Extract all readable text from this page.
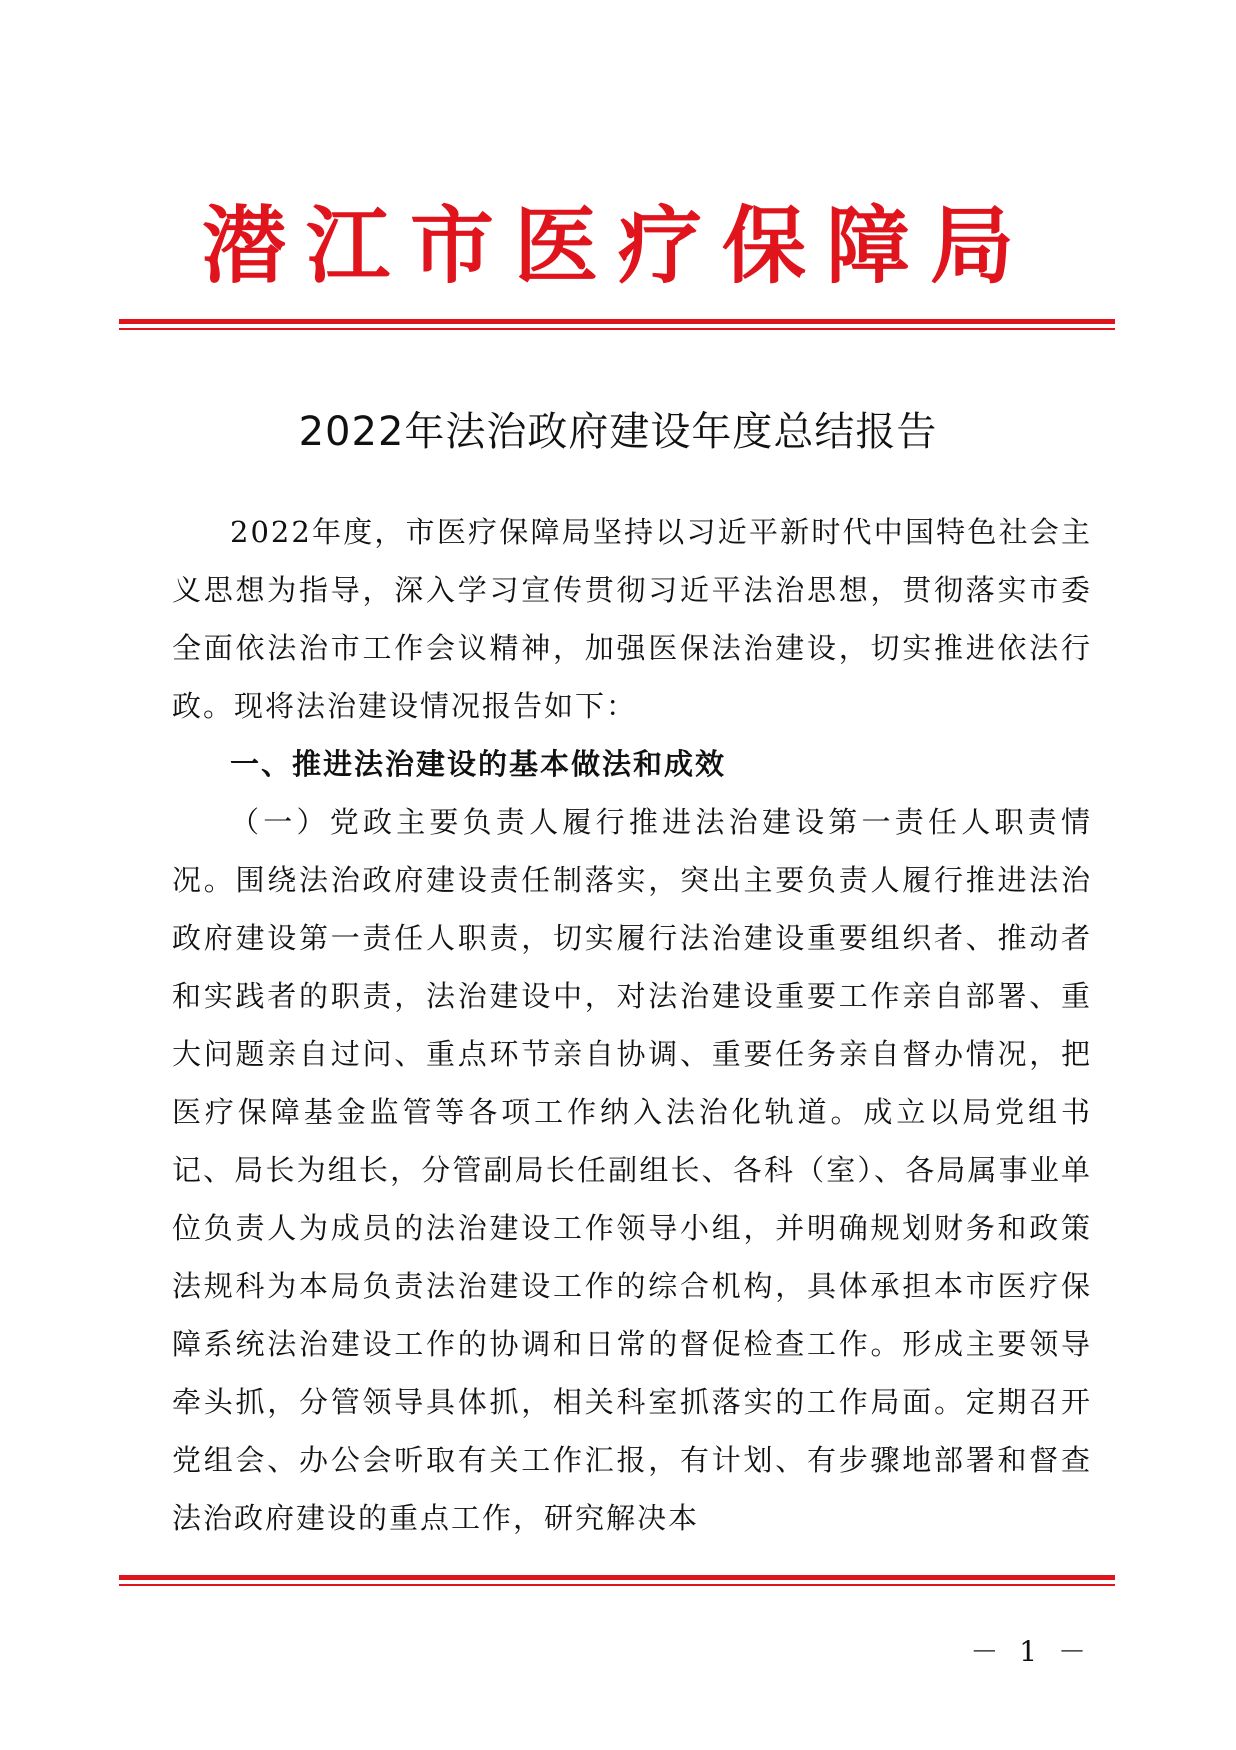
潜江市医疗保障局
2022年法治政府建设年度总结报告

2022年度，市医疗保障局坚持以习近平新时代中国特色社会主义思想为指导，深入学习宣传贯彻习近平法治思想，贯彻落实市委全面依法治市工作会议精神，加强医保法治建设，切实推进依法行政。现将法治建设情况报告如下：

一、推进法治建设的基本做法和成效

（一）党政主要负责人履行推进法治建设第一责任人职责情况。围绕法治政府建设责任制落实，突出主要负责人履行推进法治政府建设第一责任人职责，切实履行法治建设重要组织者、推动者和实践者的职责，法治建设中，对法治建设重要工作亲自部署、重大问题亲自过问、重点环节亲自协调、重要任务亲自督办情况，把医疗保障基金监管等各项工作纳入法治化轨道。成立以局党组书记、局长为组长，分管副局长任副组长、各科（室）、各局属事业单位负责人为成员的法治建设工作领导小组，并明确规划财务和政策法规科为本局负责法治建设工作的综合机构，具体承担本市医疗保障系统法治建设工作的协调和日常的督促检查工作。形成主要领导牵头抓，分管领导具体抓，相关科室抓落实的工作局面。定期召开党组会、办公会听取有关工作汇报，有计划、有步骤地部署和督查法治政府建设的重点工作，研究解决本

－ 1 －
